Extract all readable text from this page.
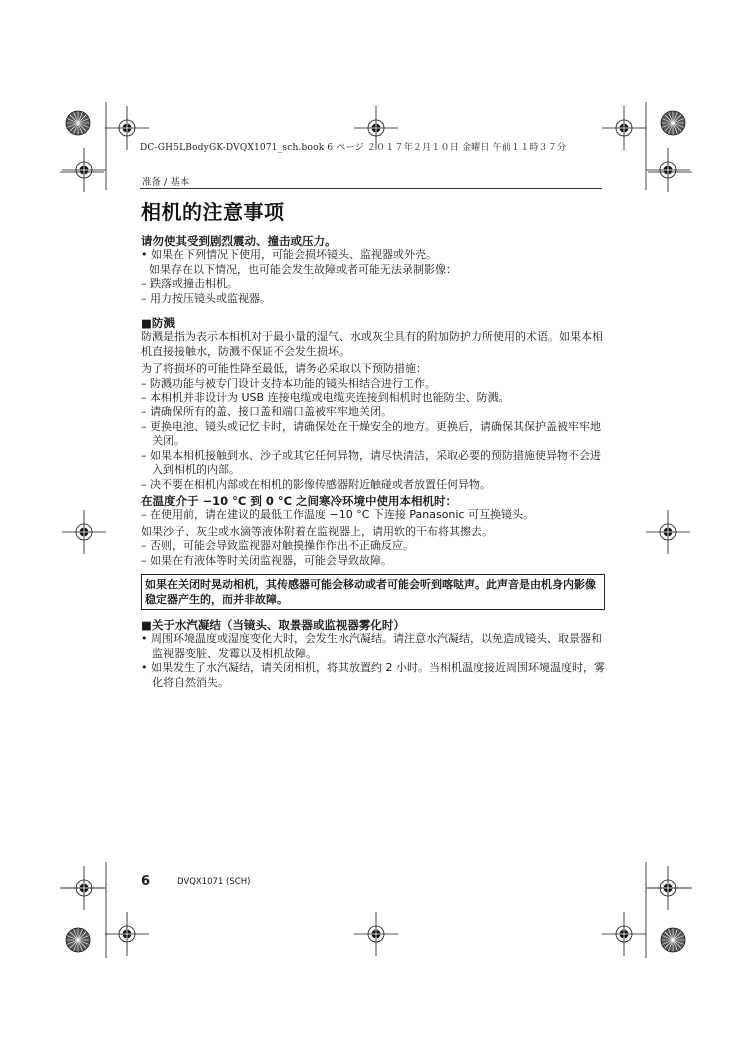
DC-GH5LBodyGK-DVQX1071_sch.book 6 ページ ２０１７年２月１０日 金曜日 午前１１時３７分
准备 / 基本
相机的注意事项

请勿使其受到剧烈震动、撞击或压力。

• 如果在下列情况下使用，可能会损坏镜头、监视器或外壳。

如果存在以下情况，也可能会发生故障或者可能无法录制影像：

– 跌落或撞击相机。

– 用力按压镜头或监视器。

■防溅

防溅是指为表示本相机对于最小量的湿气、水或灰尘具有的附加防护力所使用的术语。如果本相机直接接触水，防溅不保证不会发生损坏。

为了将损坏的可能性降至最低，请务必采取以下预防措施：

– 防溅功能与被专门设计支持本功能的镜头相结合进行工作。

– 本相机并非设计为 USB 连接电缆或电缆夹连接到相机时也能防尘、防溅。

– 请确保所有的盖、接口盖和端口盖被牢牢地关闭。

– 更换电池、镜头或记忆卡时，请确保处在干燥安全的地方。更换后，请确保其保护盖被牢牢地关闭。

– 如果本相机接触到水、沙子或其它任何异物，请尽快清洁，采取必要的预防措施使异物不会进入到相机的内部。

– 决不要在相机内部或在相机的影像传感器附近触碰或者放置任何异物。

在温度介于 −10 °C 到 0 °C 之间寒冷环境中使用本相机时：

– 在使用前，请在建议的最低工作温度 −10 °C 下连接 Panasonic 可互换镜头。

如果沙子、灰尘或水滴等液体附着在监视器上，请用软的干布将其擦去。

– 否则，可能会导致监视器对触摸操作作出不正确反应。

– 如果在有液体等时关闭监视器，可能会导致故障。

如果在关闭时晃动相机，其传感器可能会移动或者可能会听到喀哒声。此声音是由机身内影像稳定器产生的，而并非故障。

■关于水汽凝结（当镜头、取景器或监视器雾化时）

• 周围环境温度或湿度变化大时，会发生水汽凝结。请注意水汽凝结，以免造成镜头、取景器和监视器变脏、发霉以及相机故障。

• 如果发生了水汽凝结，请关闭相机，将其放置约 2 小时。当相机温度接近周围环境温度时，雾化将自然消失。

6	DVQX1071 (SCH)
